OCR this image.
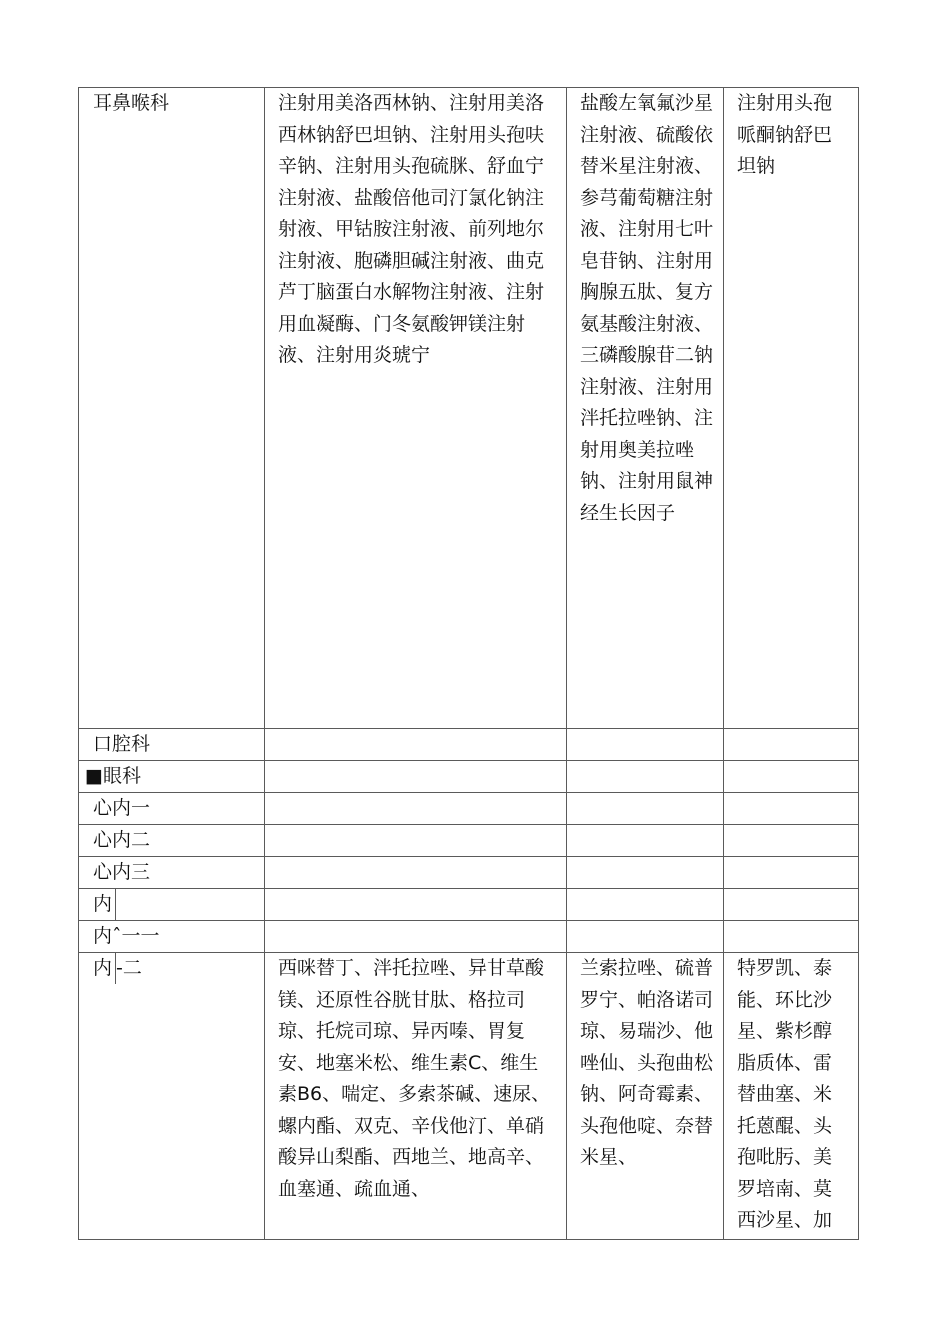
耳鼻喉科	注射用美洛西林钠、注射用美洛西林钠舒巴坦钠、注射用头孢呋辛钠、注射用头孢硫脒、舒血宁注射液、盐酸倍他司汀氯化钠注射液、甲钴胺注射液、前列地尔注射液、胞磷胆碱注射液、曲克芦丁脑蛋白水解物注射液、注射用血凝酶、门冬氨酸钾镁注射液、注射用炎琥宁	盐酸左氧氟沙星注射液、硫酸依替米星注射液、参芎葡萄糖注射液、注射用七叶皂苷钠、注射用胸腺五肽、复方氨基酸注射液、三磷酸腺苷二钠注射液、注射用泮托拉唑钠、注射用奥美拉唑钠、注射用鼠神经生长因子	注射用头孢哌酮钠舒巴坦钠

口腔科			

■眼科			

心内一			

心内二			

心内三			

内			

内ˆ一一			

内 -二	西咪替丁、泮托拉唑、异甘草酸镁、还原性谷胱甘肽、格拉司琼、托烷司琼、异丙嗪、胃复安、地塞米松、维生素C、维生素B6、喘定、多索茶碱、速尿、螺内酯、双克、辛伐他汀、单硝酸异山梨酯、西地兰、地高辛、血塞通、疏血通、	兰索拉唑、硫普罗宁、帕洛诺司琼、易瑞沙、他唑仙、头孢曲松钠、阿奇霉素、头孢他啶、奈替米星、	特罗凯、泰能、环比沙星、紫杉醇脂质体、雷替曲塞、米托蒽醌、头孢吡肟、美罗培南、莫西沙星、加
